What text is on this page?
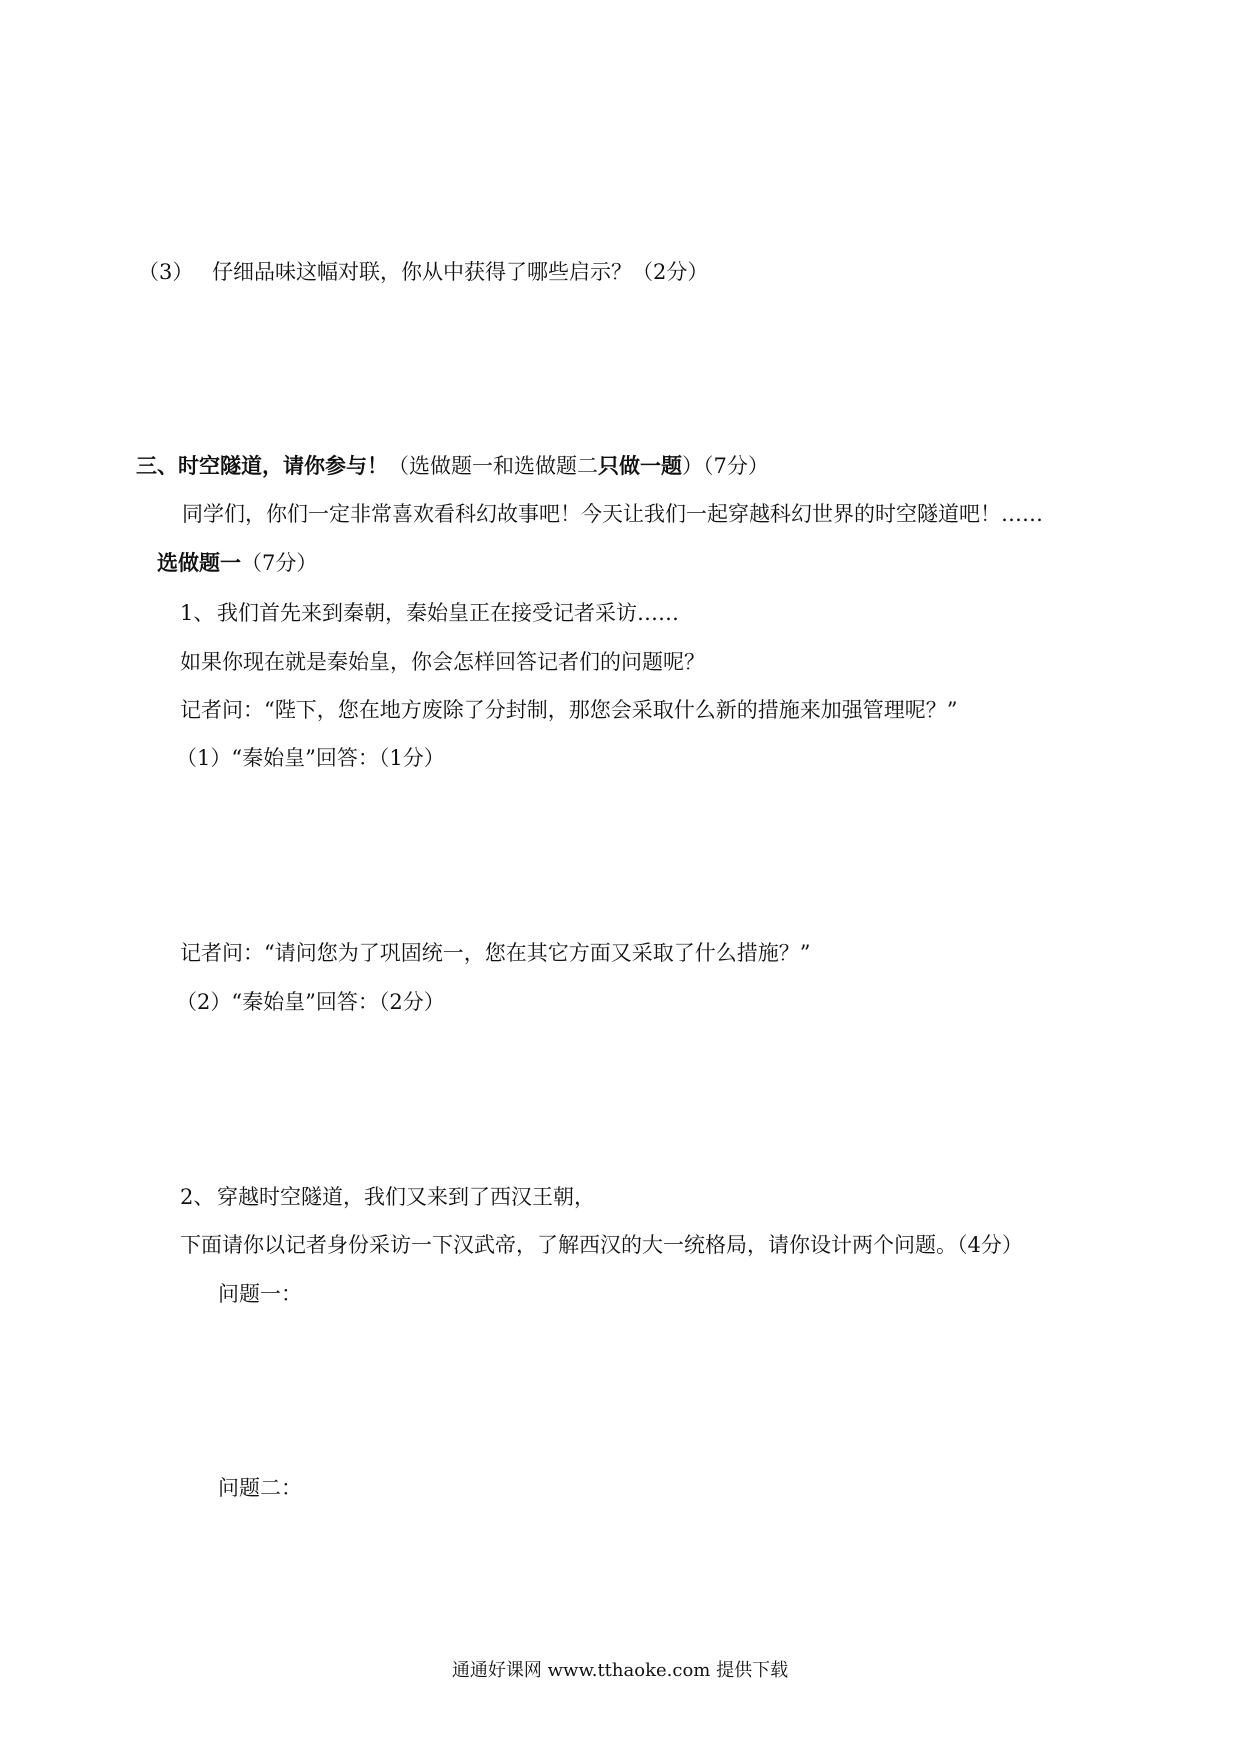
（3） 仔细品味这幅对联，你从中获得了哪些启示？（2分）
三、时空隧道，请你参与！（选做题一和选做题二只做一题）（7分）
同学们，你们一定非常喜欢看科幻故事吧！今天让我们一起穿越科幻世界的时空隧道吧！……
选做题一（7分）
1、 我们首先来到秦朝，秦始皇正在接受记者采访……
如果你现在就是秦始皇，你会怎样回答记者们的问题呢？
记者问：“陛下，您在地方废除了分封制，那您会采取什么新的措施来加强管理呢？”
（1）“秦始皇”回答：（1分）
记者问：“请问您为了巩固统一，您在其它方面又采取了什么措施？”
（2）“秦始皇”回答：（2分）
2、 穿越时空隧道，我们又来到了西汉王朝，
下面请你以记者身份采访一下汉武帝，了解西汉的大一统格局，请你设计两个问题。（4分）
问题一：
问题二：
通通好课网 www.tthaoke.com 提供下载
